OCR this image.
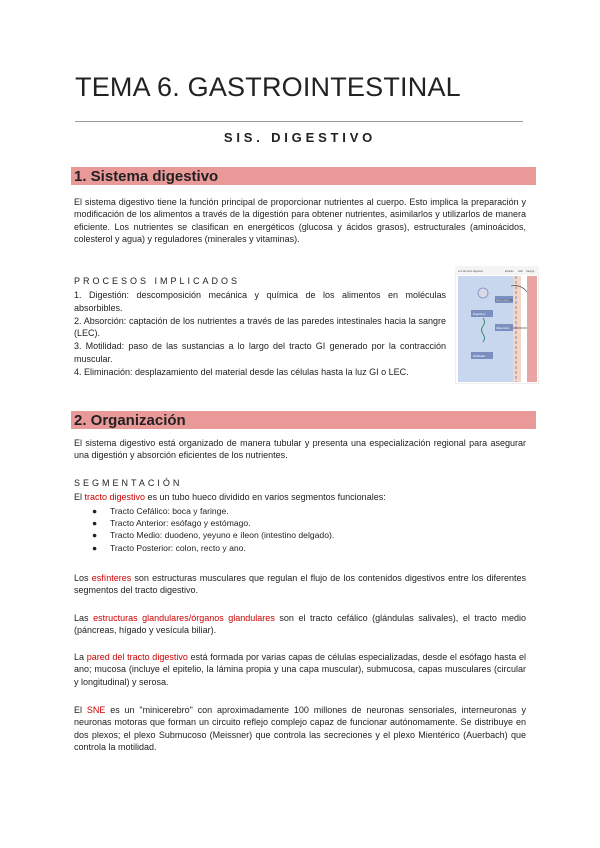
TEMA 6. GASTROINTESTINAL
SIS. DIGESTIVO
1. Sistema digestivo
El sistema digestivo tiene la función principal de proporcionar nutrientes al cuerpo. Esto implica la preparación y modificación de los alimentos a través de la digestión para obtener nutrientes, asimilarlos y utilizarlos de manera eficiente. Los nutrientes se clasifican en energéticos (glucosa y ácidos grasos), estructurales (aminoácidos, colesterol y agua) y reguladores (minerales y vitaminas).
PROCESOS IMPLICADOS
1. Digestión: descomposición mecánica y química de los alimentos en moléculas absorbibles.
2. Absorción: captación de los nutrientes a través de las paredes intestinales hacia la sangre (LEC).
3. Motilidad: paso de las sustancias a lo largo del tracto GI generado por la contracción muscular.
4. Eliminación: desplazamiento del material desde las células hasta la luz GI o LEC.
Luz del tubo digestivo	Epitelio LEC Sangre
Digestión
Secreción
Absorción
Motilidad
2. Organización
El sistema digestivo está organizado de manera tubular y presenta una especialización regional para asegurar una digestión y absorción eficientes de los nutrientes.
SEGMENTACIÓN
El tracto digestivo es un tubo hueco dividido en varios segmentos funcionales:
● Tracto Cefálico: boca y faringe.
● Tracto Anterior: esófago y estómago.
● Tracto Medio: duodeno, yeyuno e íleon (intestino delgado).
● Tracto Posterior: colon, recto y ano.
Los esfínteres son estructuras musculares que regulan el flujo de los contenidos digestivos entre los diferentes segmentos del tracto digestivo.
Las estructuras glandulares/órganos glandulares son el tracto cefálico (glándulas salivales), el tracto medio (páncreas, hígado y vesícula biliar).
La pared del tracto digestivo está formada por varias capas de células especializadas, desde el esófago hasta el ano; mucosa (incluye el epitelio, la lámina propia y una capa muscular), submucosa, capas musculares (circular y longitudinal) y serosa.
El SNE es un "minicerebro" con aproximadamente 100 millones de neuronas sensoriales, interneuronas y neuronas motoras que forman un circuito reflejo complejo capaz de funcionar autónomamente. Se distribuye en dos plexos; el plexo Submucoso (Meissner) que controla las secreciones y el plexo Mientérico (Auerbach) que controla la motilidad.
